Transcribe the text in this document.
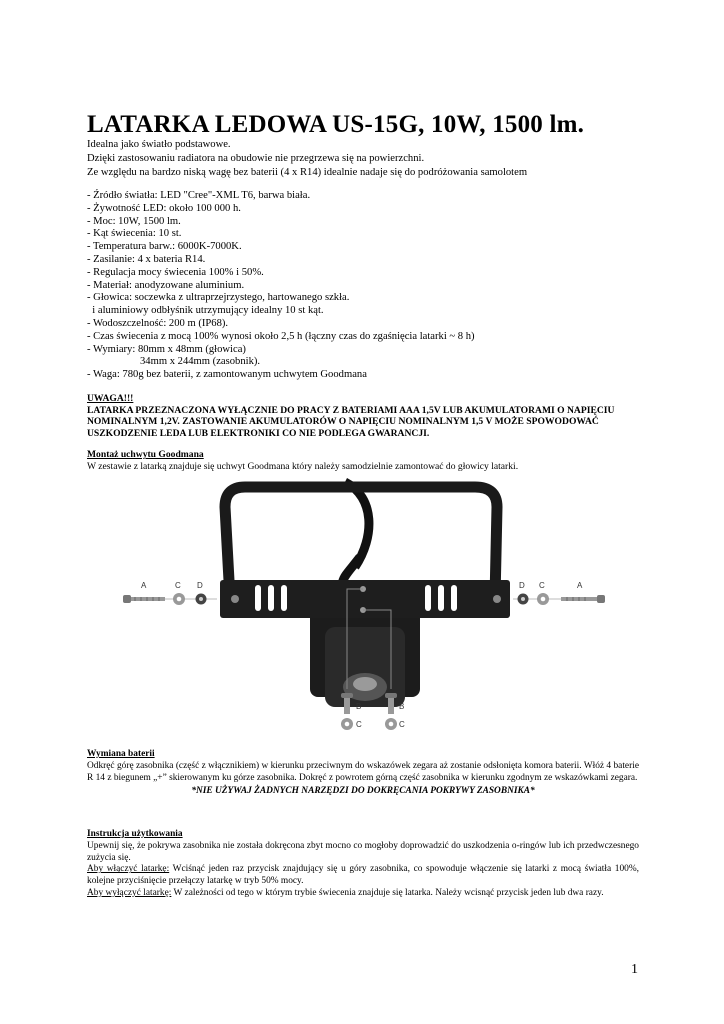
LATARKA LEDOWA US-15G, 10W, 1500 lm.
Idealna jako światło podstawowe.
Dzięki zastosowaniu radiatora na obudowie nie przegrzewa się na powierzchni.
Ze względu na bardzo niską wagę bez baterii (4 x R14) idealnie nadaje się do podróżowania samolotem
- Źródło światła: LED "Cree"-XML T6, barwa biała.
- Żywotność LED: około 100 000 h.
- Moc: 10W, 1500 lm.
- Kąt świecenia: 10 st.
- Temperatura barw.: 6000K-7000K.
- Zasilanie: 4 x bateria R14.
- Regulacja mocy świecenia 100% i 50%.
- Materiał: anodyzowane aluminium.
- Głowica: soczewka z ultraprzejrzystego, hartowanego szkła.
i aluminiowy odbłyśnik utrzymujący idealny 10 st kąt.
- Wodoszczelność: 200 m (IP68).
- Czas świecenia z mocą 100% wynosi około 2,5 h (łączny czas do zgaśnięcia latarki ~ 8 h)
- Wymiary: 80mm x 48mm (głowica)
34mm x 244mm (zasobnik).
- Waga: 780g bez baterii, z zamontowanym uchwytem Goodmana
UWAGA!!!
LATARKA PRZEZNACZONA WYŁĄCZNIE DO PRACY Z BATERIAMI AAA 1,5V LUB AKUMULATORAMI O NAPIĘCIU NOMINALNYM 1,2V. ZASTOWANIE AKUMULATORÓW O NAPIĘCIU NOMINALNYM 1,5 V MOŻE SPOWODOWAĆ USZKODZENIE LEDA LUB ELEKTRONIKI CO NIE PODLEGA GWARANCJI.
Montaż uchwytu Goodmana
W zestawie z latarką znajduje się uchwyt Goodmana który należy samodzielnie zamontować do głowicy latarki.
A	C D	D C	A
B	B
C	C
Wymiana baterii
Odkręć górę zasobnika (część z włącznikiem) w kierunku przeciwnym do wskazówek zegara aż zostanie odsłonięta komora baterii. Włóż 4 baterie R 14 z biegunem „+” skierowanym ku górze zasobnika. Dokręć z powrotem górną część zasobnika w kierunku zgodnym ze wskazówkami zegara.
*NIE UŻYWAJ ŻADNYCH NARZĘDZI DO DOKRĘCANIA POKRYWY ZASOBNIKA*
Instrukcja użytkowania
Upewnij się, że pokrywa zasobnika nie została dokręcona zbyt mocno co mogłoby doprowadzić do uszkodzenia o-ringów lub ich przedwczesnego zużycia się.
Aby włączyć latarkę: Wciśnąć jeden raz przycisk znajdujący się u góry zasobnika, co spowoduje włączenie się latarki z mocą światła 100%, kolejne przyciśnięcie przełączy latarkę w tryb 50% mocy.
Aby wyłączyć latarkę: W zależności od tego w którym trybie świecenia znajduje się latarka. Należy wcisnąć przycisk jeden lub dwa razy.
1
